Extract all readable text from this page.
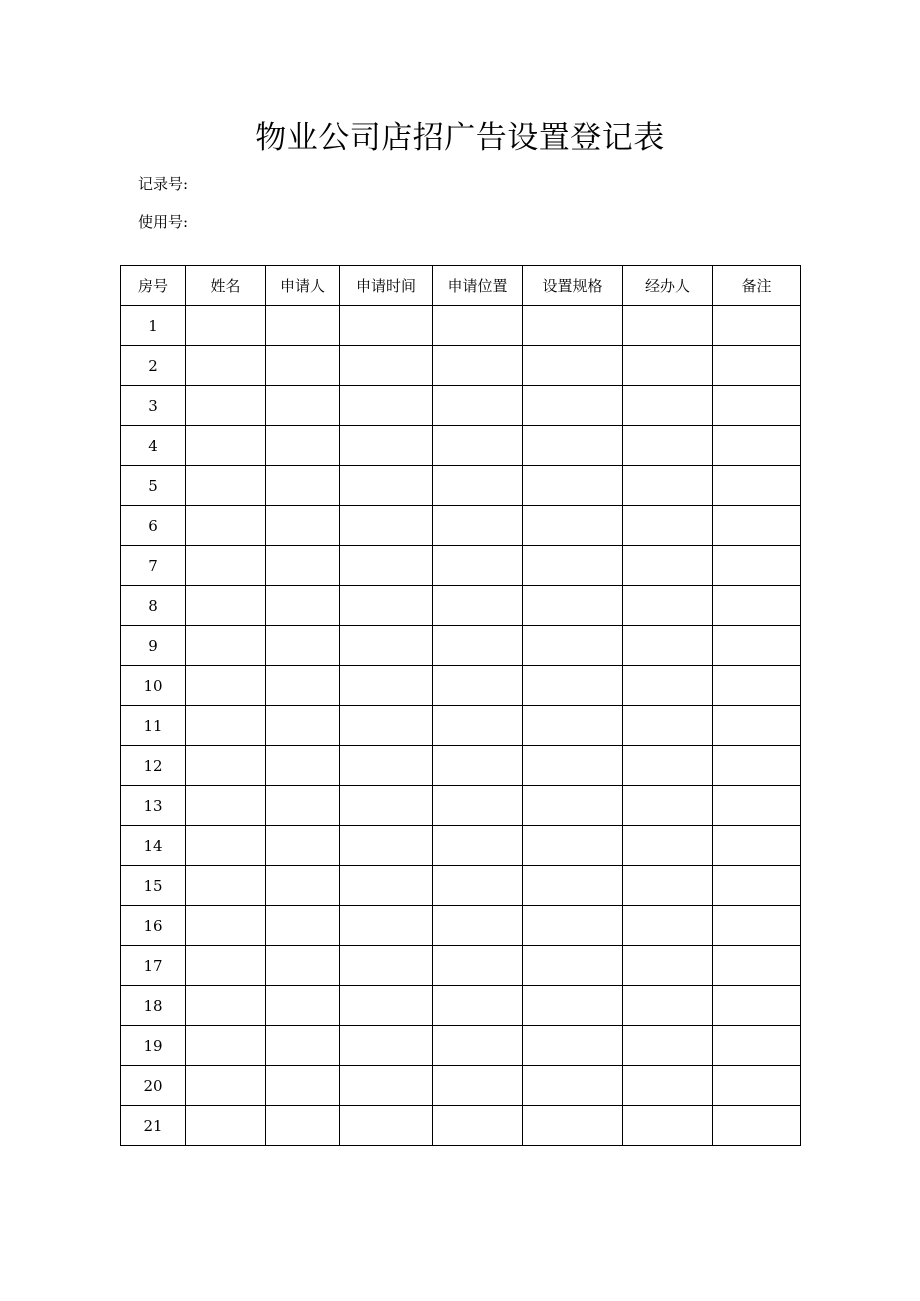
物业公司店招广告设置登记表
记录号:
使用号:
房号	姓名	申请人	申请时间	申请位置	设置规格	经办人	备注
1							
2							
3							
4							
5							
6							
7							
8							
9							
10							
11							
12							
13							
14							
15							
16							
17							
18							
19							
20							
21							
